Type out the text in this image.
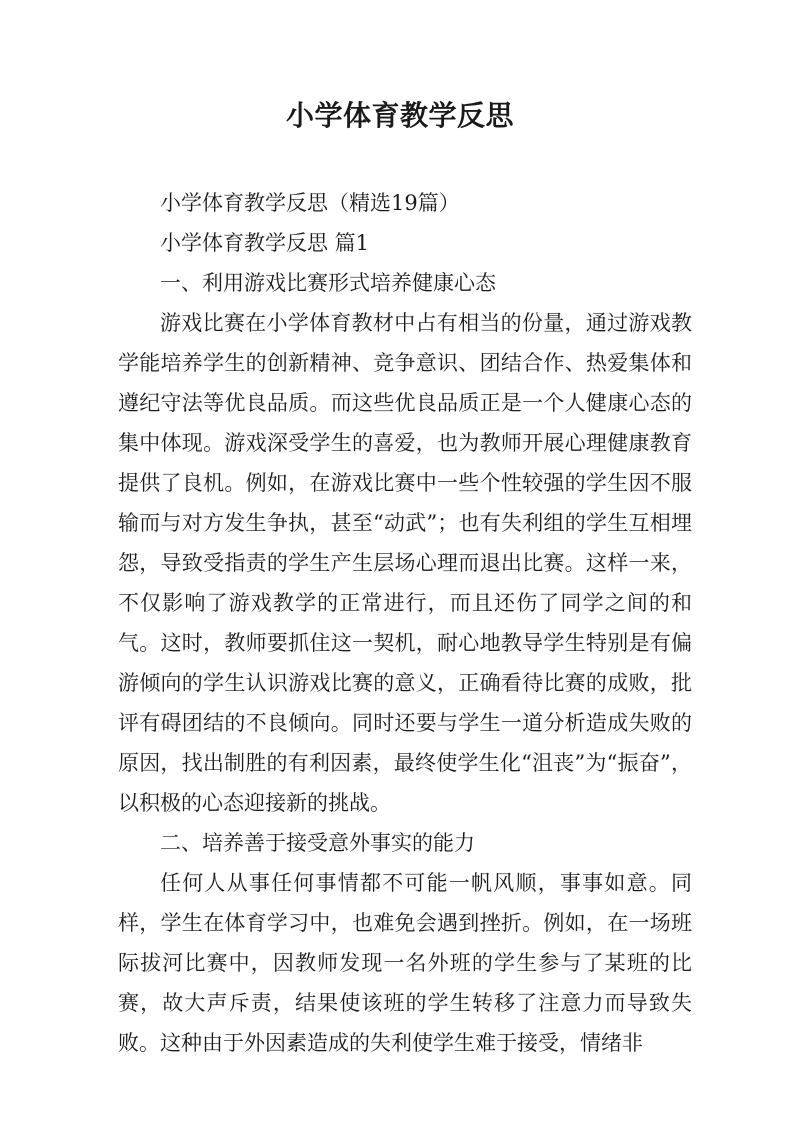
小学体育教学反思

小学体育教学反思（精选19篇）

小学体育教学反思 篇1

一、利用游戏比赛形式培养健康心态

游戏比赛在小学体育教材中占有相当的份量，通过游戏教学能培养学生的创新精神、竞争意识、团结合作、热爱集体和遵纪守法等优良品质。而这些优良品质正是一个人健康心态的集中体现。游戏深受学生的喜爱，也为教师开展心理健康教育提供了良机。例如，在游戏比赛中一些个性较强的学生因不服输而与对方发生争执，甚至“动武”；也有失利组的学生互相埋怨，导致受指责的学生产生层场心理而退出比赛。这样一来，不仅影响了游戏教学的正常进行，而且还伤了同学之间的和气。这时，教师要抓住这一契机，耐心地教导学生特别是有偏游倾向的学生认识游戏比赛的意义，正确看待比赛的成败，批评有碍团结的不良倾向。同时还要与学生一道分析造成失败的原因，找出制胜的有利因素，最终使学生化“沮丧”为“振奋”，以积极的心态迎接新的挑战。

二、培养善于接受意外事实的能力

任何人从事任何事情都不可能一帆风顺，事事如意。同样，学生在体育学习中，也难免会遇到挫折。例如，在一场班际拔河比赛中，因教师发现一名外班的学生参与了某班的比赛，故大声斥责，结果使该班的学生转移了注意力而导致失败。这种由于外因素造成的失利使学生难于接受，情绪非
